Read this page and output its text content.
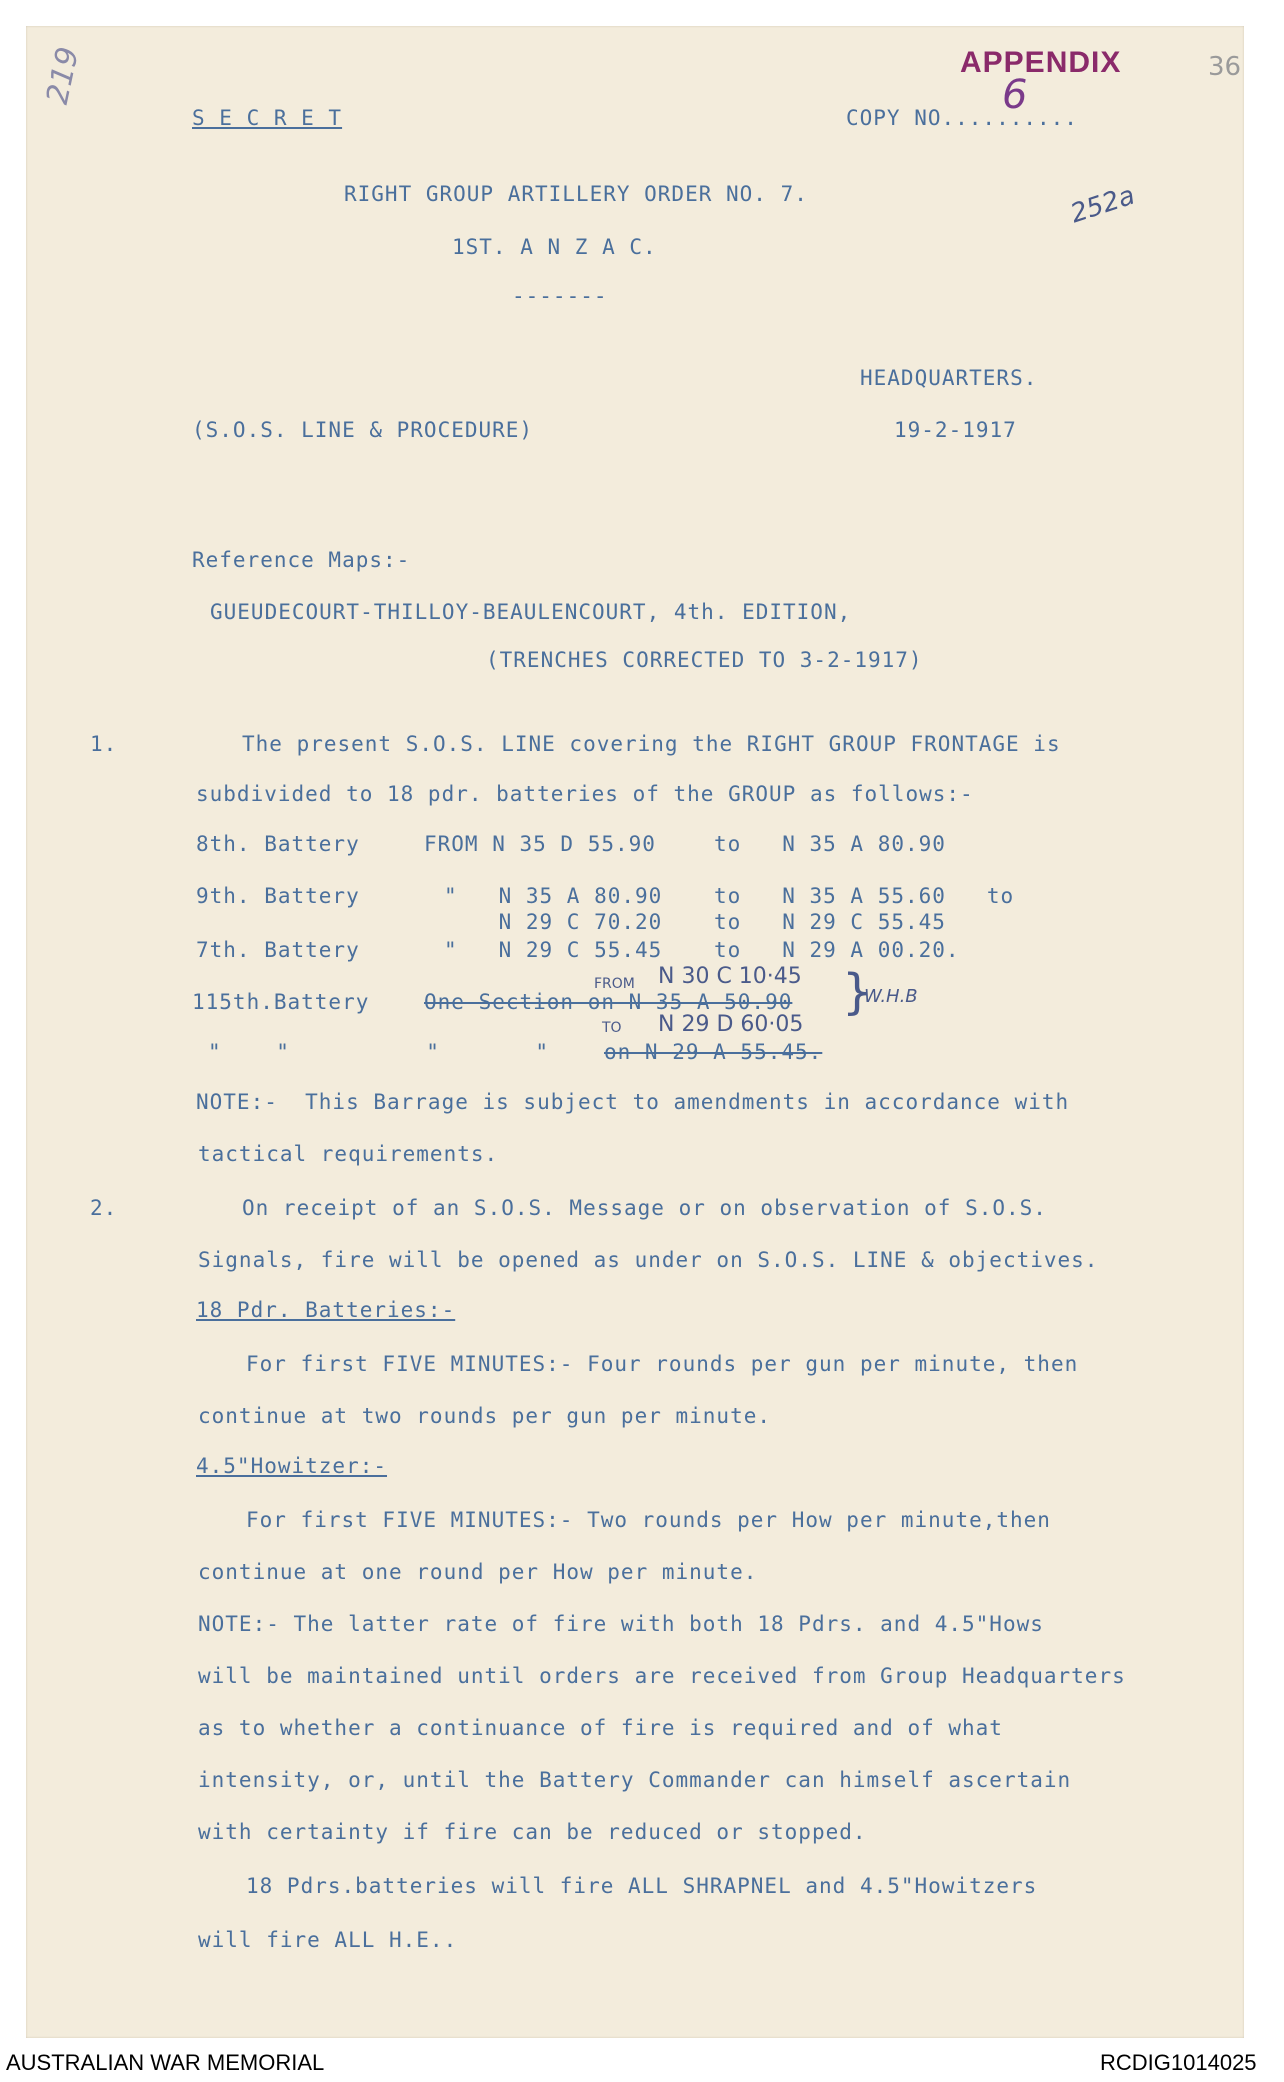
APPENDIX
6
36
219
252a
S E C R E T	COPY NO..........
RIGHT GROUP ARTILLERY ORDER NO. 7.
1ST. A N Z A C.
-------
HEADQUARTERS.
(S.O.S. LINE & PROCEDURE)	19-2-1917
Reference Maps:-
GUEUDECOURT-THILLOY-BEAULENCOURT, 4th. EDITION,
(TRENCHES CORRECTED TO 3-2-1917)
1.	The present S.O.S. LINE covering the RIGHT GROUP FRONTAGE is
subdivided to 18 pdr. batteries of the GROUP as follows:-
8th. Battery	FROM N 35 D 55.90	to   N 35 A 80.90
9th. Battery	"   N 35 A 80.90 to   N 35 A 55.60   to
N 29 C 70.20 to   N 29 C 55.45
7th. Battery	"   N 29 C 55.45 to   N 29 A 00.20.
115th.Battery	One Section on N 35 A 50.90
FROM N 30 C 10·45
TO N 29 D 60·05
}
W.H.B
"    "          "       "	on N 29 A 55.45.
NOTE:-  This Barrage is subject to amendments in accordance with
tactical requirements.
2.	On receipt of an S.O.S. Message or on observation of S.O.S.
Signals, fire will be opened as under on S.O.S. LINE & objectives.
18 Pdr. Batteries:-
For first FIVE MINUTES:- Four rounds per gun per minute, then
continue at two rounds per gun per minute.
4.5"Howitzer:-
For first FIVE MINUTES:- Two rounds per How per minute,then
continue at one round per How per minute.
NOTE:- The latter rate of fire with both 18 Pdrs. and 4.5"Hows
will be maintained until orders are received from Group Headquarters
as to whether a continuance of fire is required and of what
intensity, or, until the Battery Commander can himself ascertain
with certainty if fire can be reduced or stopped.
18 Pdrs.batteries will fire ALL SHRAPNEL and 4.5"Howitzers
will fire ALL H.E..
AUSTRALIAN WAR MEMORIAL	RCDIG1014025
